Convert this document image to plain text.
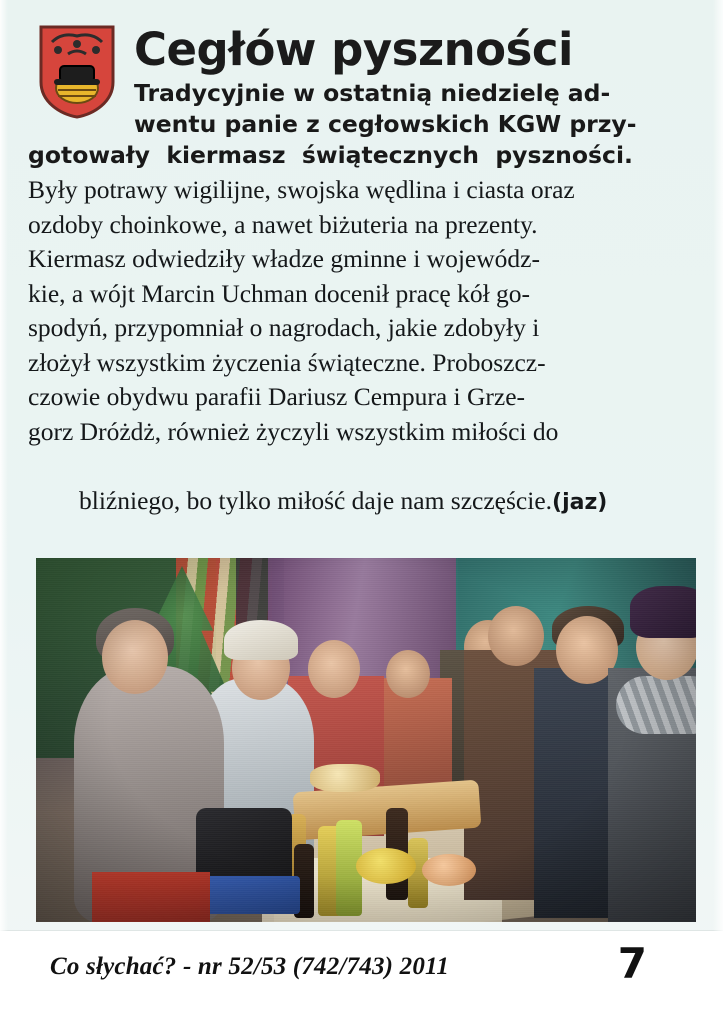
Cegłów pyszności
Tradycyjnie w ostatnią niedzielę ad-
wentu panie z cegłowskich KGW przy-
gotowały  kiermasz  świątecznych  pyszności.
Były potrawy wigilijne, swojska wędlina i ciasta oraz
ozdoby choinkowe, a nawet biżuteria na prezenty.
Kiermasz odwiedziły władze gminne i wojewódz-
kie, a wójt Marcin Uchman docenił pracę kół go-
spodyń, przypomniał o nagrodach, jakie zdobyły i
złożył wszystkim życzenia świąteczne. Proboszcz-
czowie obydwu parafii Dariusz Cempura i Grze-
gorz Dróżdż, również życzyli wszystkim miłości do

bliźniego, bo tylko miłość daje nam szczęście.(jaz)

Co słychać? - nr 52/53 (742/743) 2011	7
